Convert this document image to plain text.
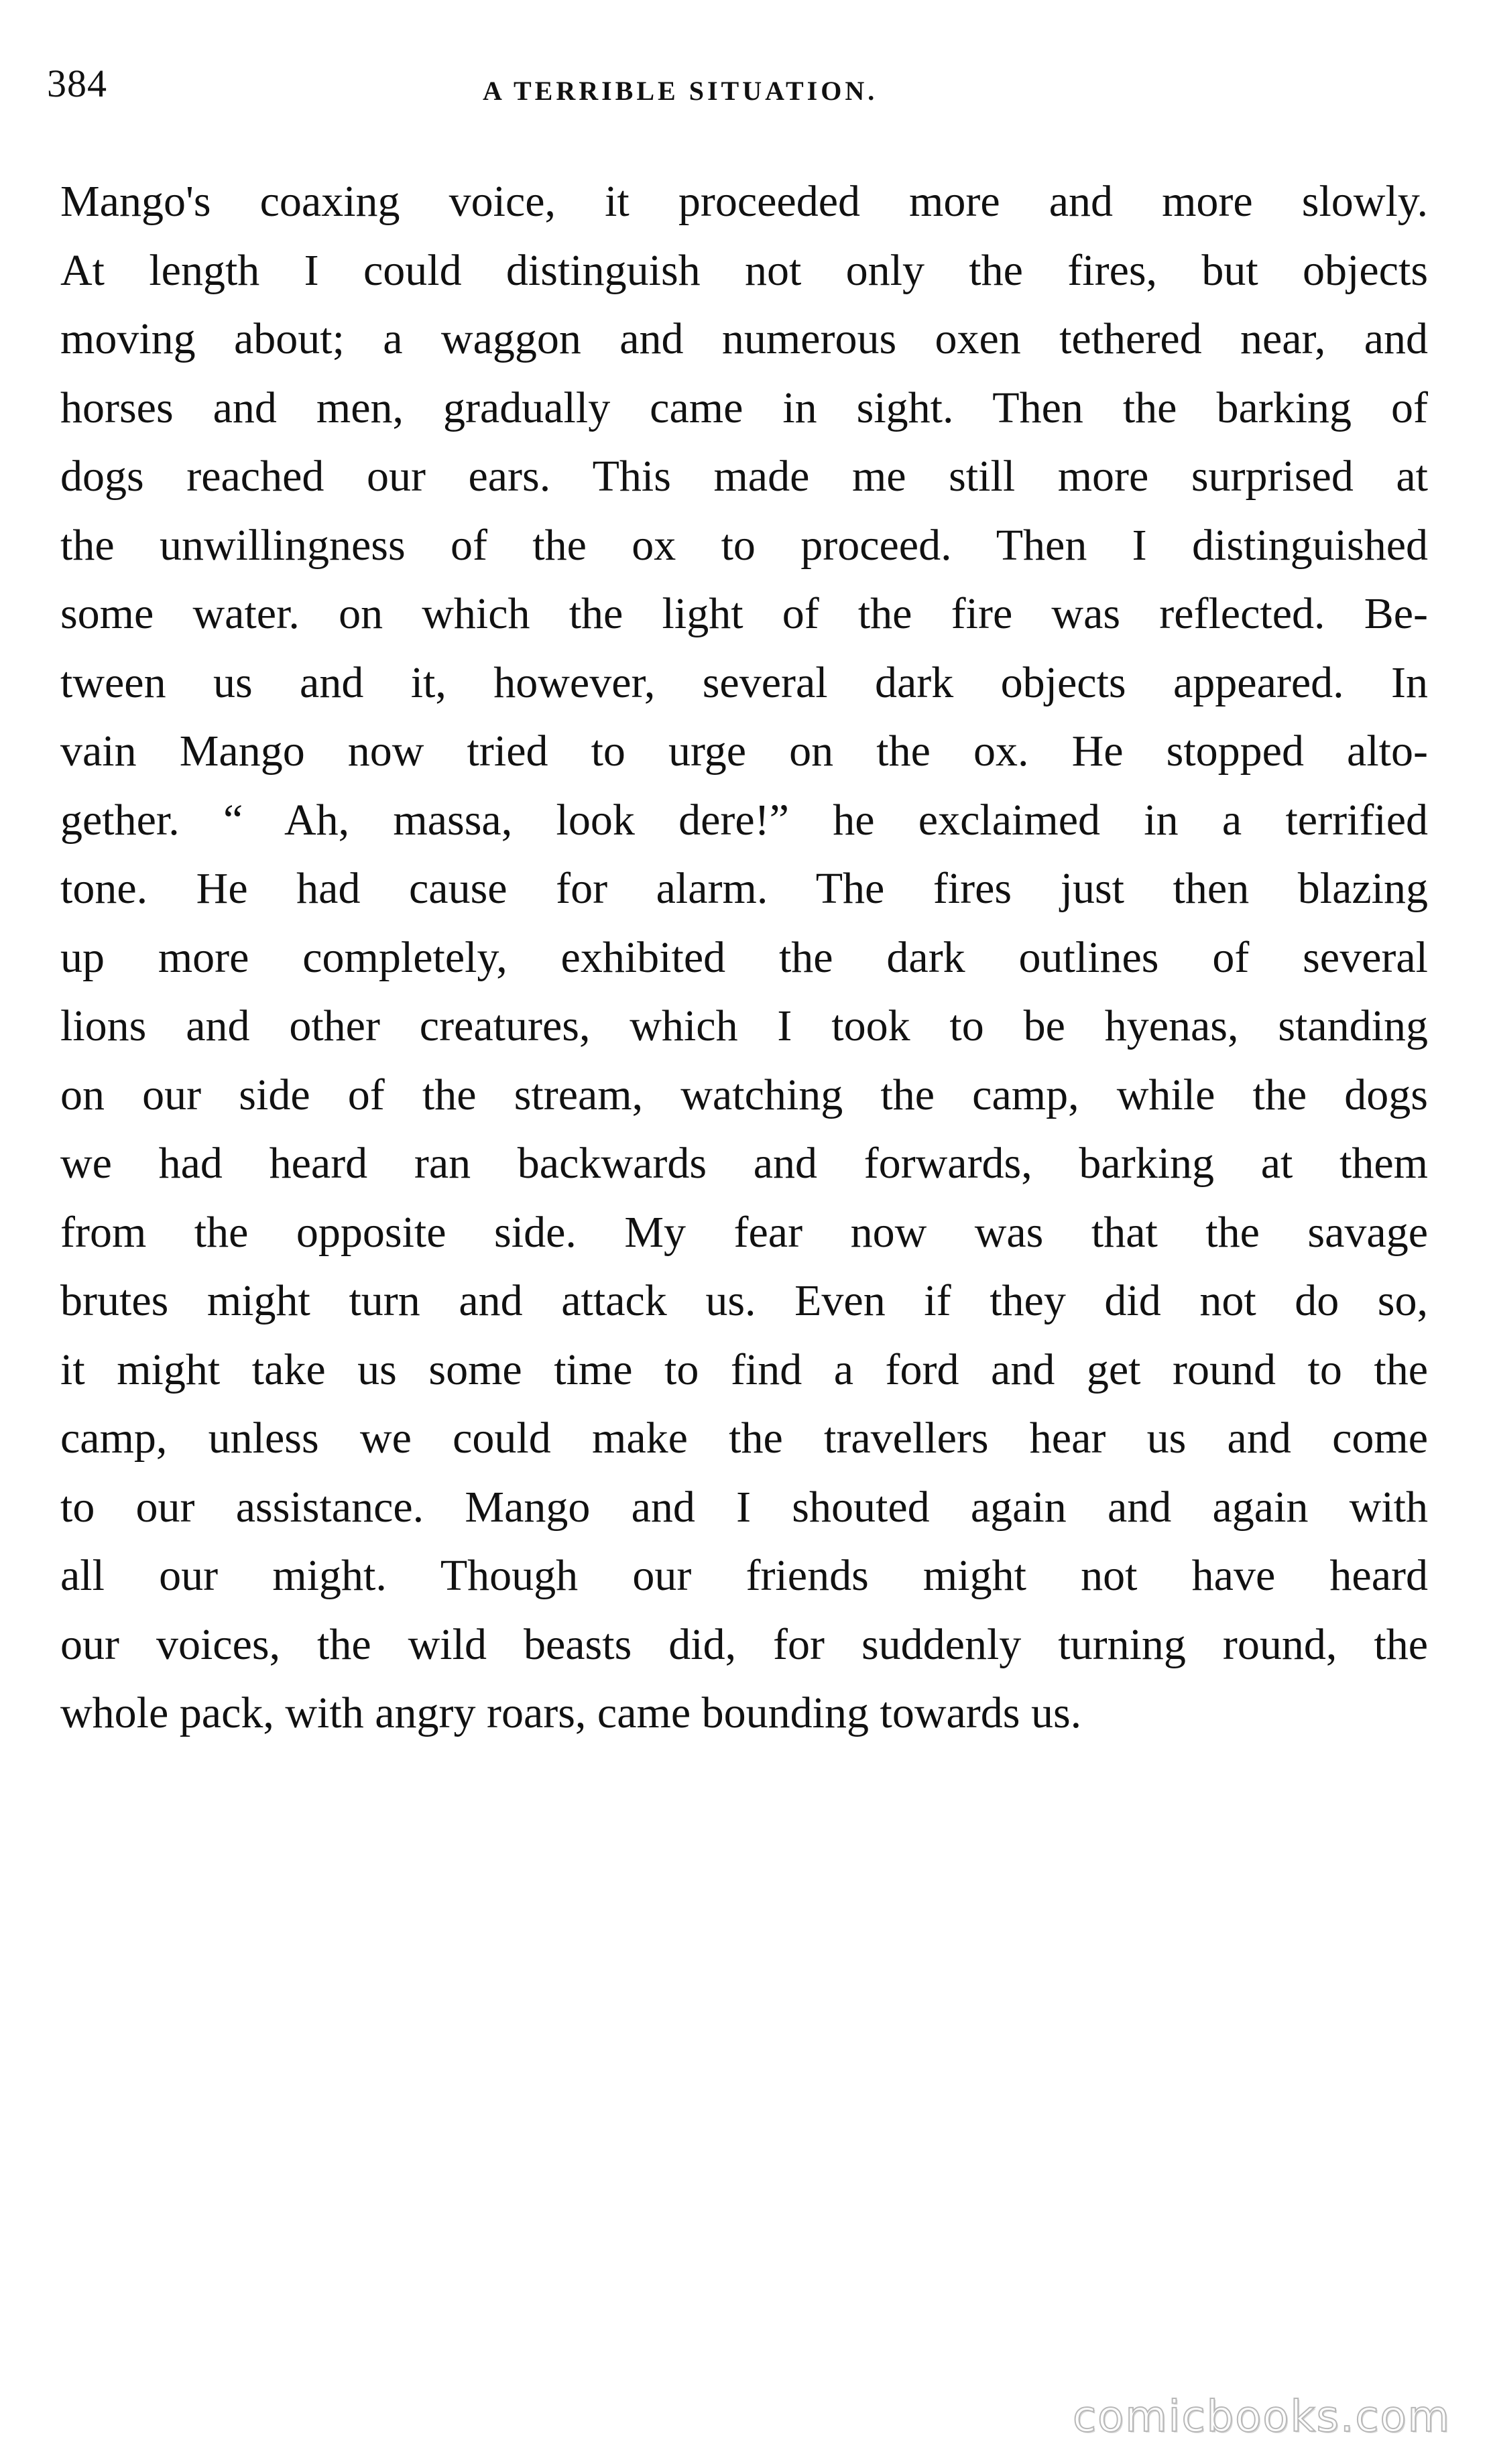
384	A TERRIBLE SITUATION.
Mango's coaxing voice, it proceeded more and more slowly.
At length I could distinguish not only the fires, but objects
moving about; a waggon and numerous oxen tethered near, and
horses and men, gradually came in sight. Then the barking of
dogs reached our ears. This made me still more surprised at
the unwillingness of the ox to proceed. Then I distinguished
some water. on which the light of the fire was reflected. Be-
tween us and it, however, several dark objects appeared. In
vain Mango now tried to urge on the ox. He stopped alto-
gether. “ Ah, massa, look dere!” he exclaimed in a terrified
tone. He had cause for alarm. The fires just then blazing
up more completely, exhibited the dark outlines of several
lions and other creatures, which I took to be hyenas, standing
on our side of the stream, watching the camp, while the dogs
we had heard ran backwards and forwards, barking at them
from the opposite side. My fear now was that the savage
brutes might turn and attack us. Even if they did not do so,
it might take us some time to find a ford and get round to the
camp, unless we could make the travellers hear us and come
to our assistance. Mango and I shouted again and again with
all our might. Though our friends might not have heard
our voices, the wild beasts did, for suddenly turning round, the
whole pack, with angry roars, came bounding towards us.
comicbooks.com
